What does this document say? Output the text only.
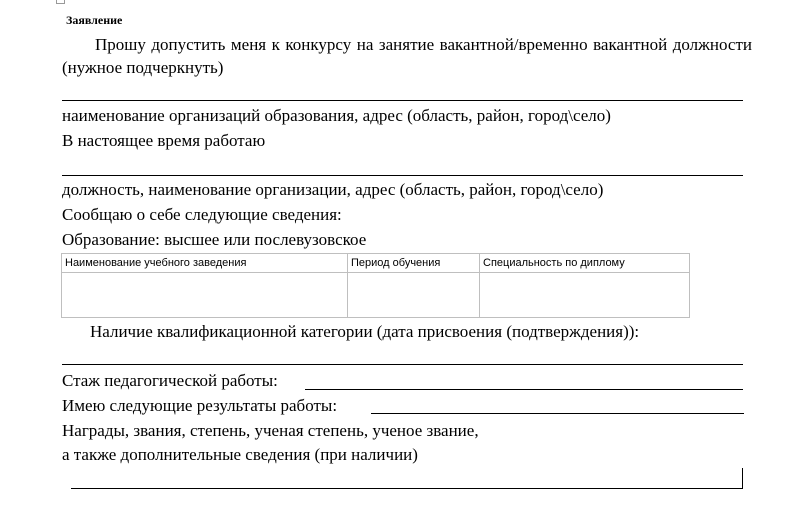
Заявление
Прошу допустить меня к конкурсу на занятие вакантной/временно вакантной должности (нужное подчеркнуть)
наименование организаций образования, адрес (область, район, город\село)
В настоящее время работаю
должность, наименование организации, адрес (область, район, город\село)
Сообщаю о себе следующие сведения:
Образование: высшее или послевузовское
Наименование учебного заведения	Период обучения	Специальность по диплому

Наличие квалификационной категории (дата присвоения (подтверждения)):
Стаж педагогической работы:
Имею следующие результаты работы:
Награды, звания, степень, ученая степень, ученое звание,
а также дополнительные сведения (при наличии)
